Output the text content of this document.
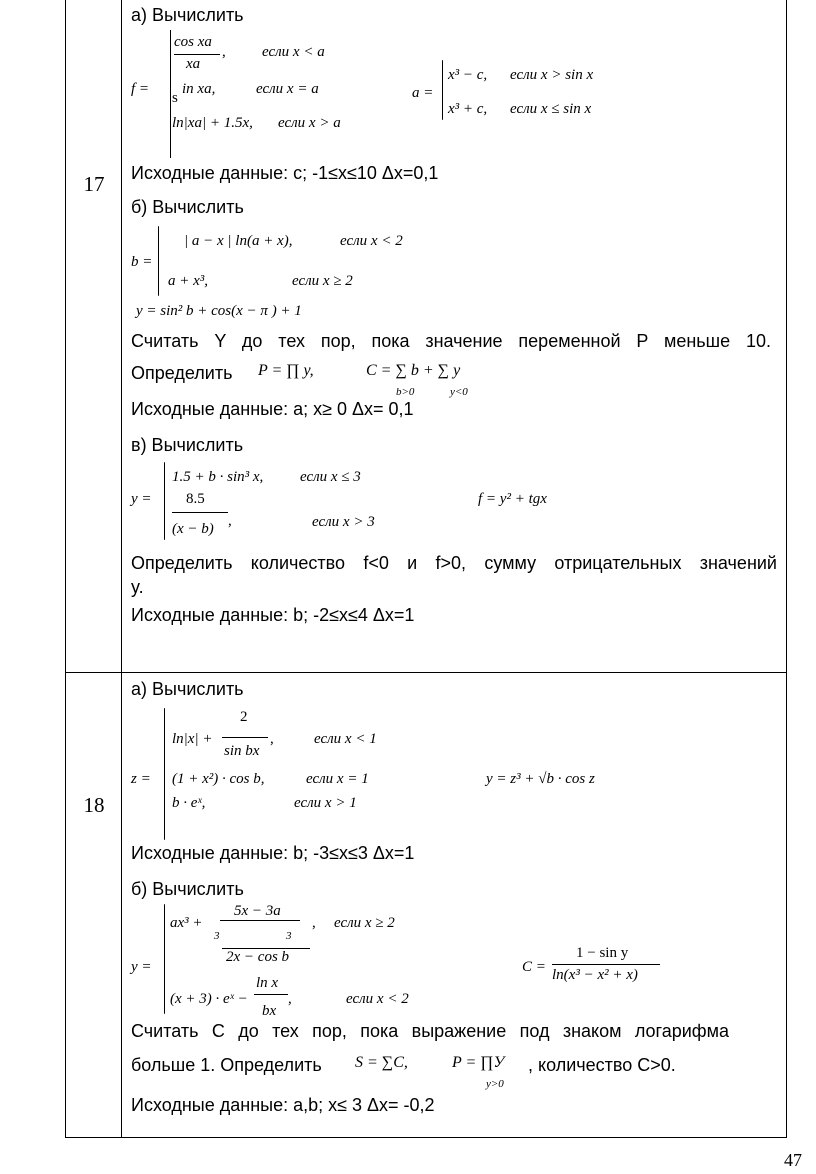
17
а) Вычислить
f =
cos xa
xa
, если x < a
s
in xa,	если x = a
ln|xa| + 1.5x, если x > a
a =
x³ − c, если x > sin x
x³ + c, если x ≤ sin x
Исходные данные: c; -1≤x≤10 Δx=0,1
б) Вычислить
b =
| a − x | ln(a + x),	если x < 2
a + x³,	если x ≥ 2
y = sin² b + cos(x − π ) + 1
Считать Y до тех пор, пока значение переменной P меньше 10.
Определить P = ∏ y,	C = ∑ b + ∑ y
b>0	y<0
Исходные данные: a; x≥ 0 Δx= 0,1
в) Вычислить
y =
1.5 + b · sin³ x, если x ≤ 3
8.5
(x − b) ,	если x > 3
f = y² + tgx
Определить количество f<0 и f>0, сумму отрицательных значений
y.
Исходные данные: b; -2≤x≤4 Δx=1
18
а) Вычислить
z =
ln|x| +
2
sin bx
,	если x < 1
(1 + x²) · cos b,	если x = 1
b · eˣ,	если x > 1
y = z³ + √b · cos z
Исходные данные: b; -3≤x≤3 Δx=1
б) Вычислить
y =
ax³ +
5x − 3a
3	3
, если x ≥ 2
2x − cos b
(x + 3) · eˣ −
ln x
bx
,	если x < 2
C =
1 − sin y
ln(x³ − x² + x)
Считать C до тех пор, пока выражение под знаком логарифма
больше 1. Определить S = ∑C,	P = ∏У
y>0
, количество C>0.
Исходные данные: a,b; x≤ 3 Δx= -0,2
47
